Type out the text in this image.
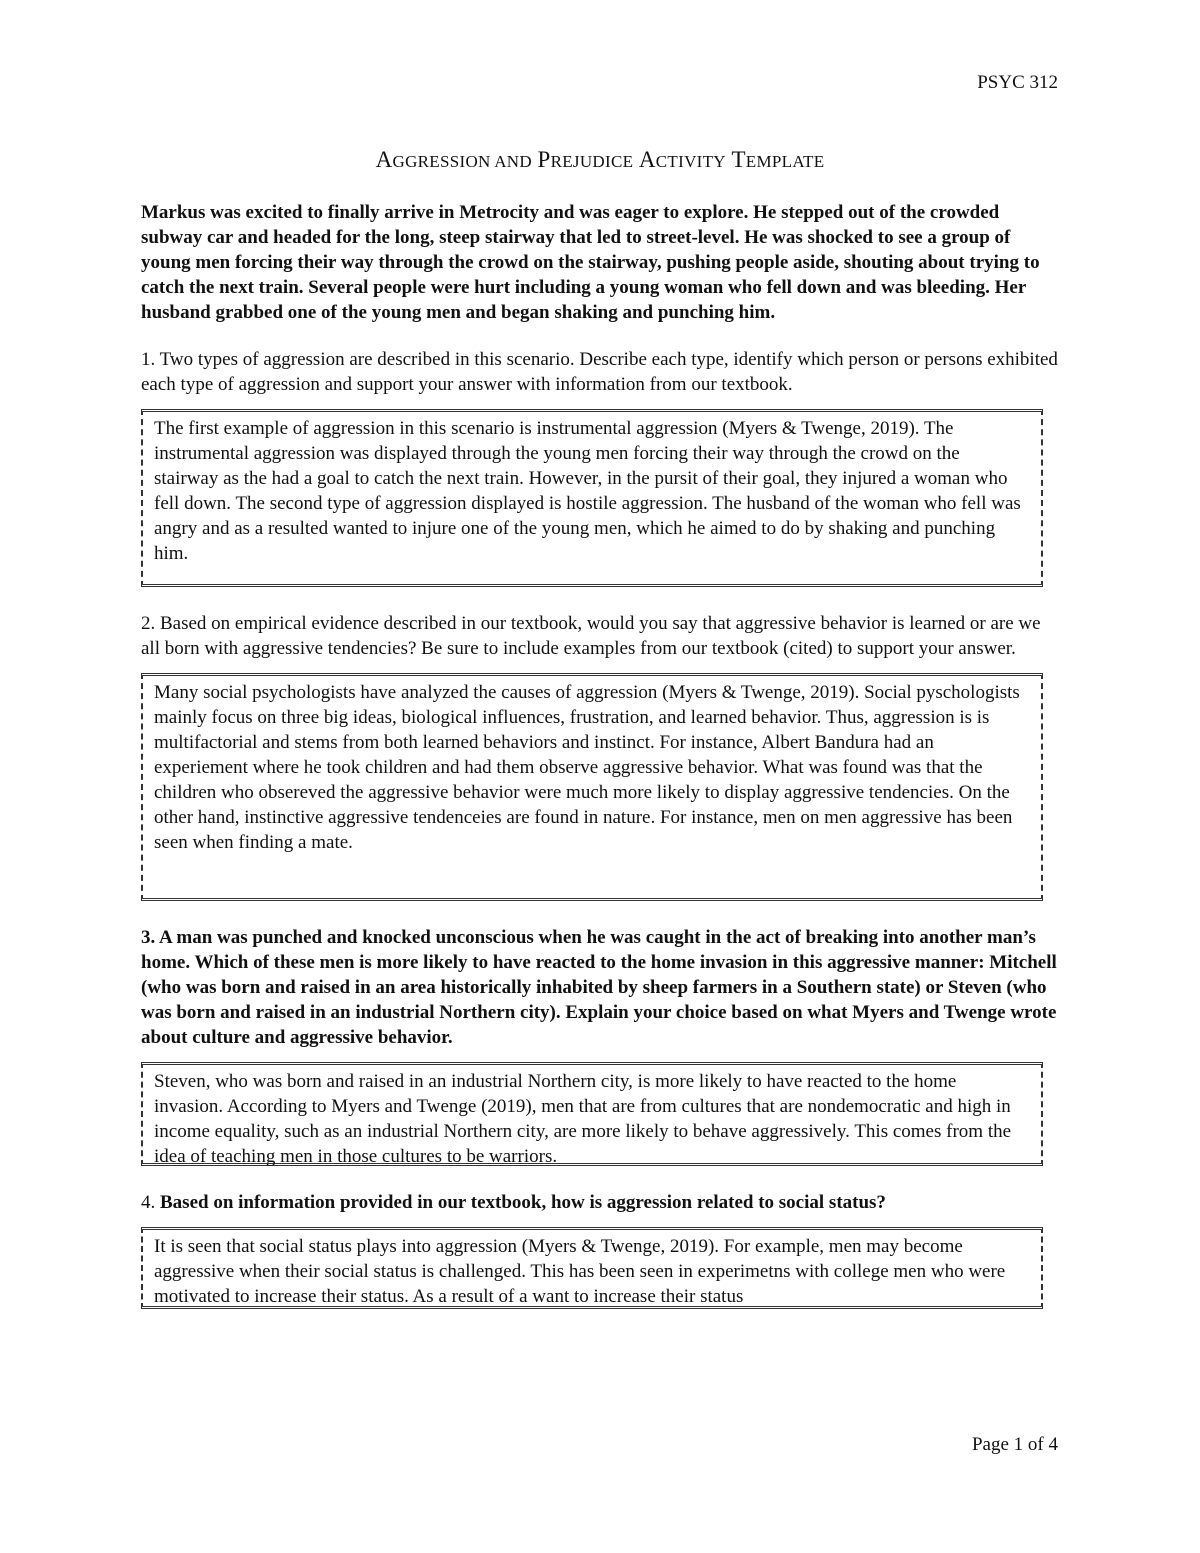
PSYC 312
AGGRESSION AND PREJUDICE ACTIVITY TEMPLATE

Markus was excited to finally arrive in Metrocity and was eager to explore. He stepped out of the crowded subway car and headed for the long, steep stairway that led to street-level. He was shocked to see a group of young men forcing their way through the crowd on the stairway, pushing people aside, shouting about trying to catch the next train. Several people were hurt including a young woman who fell down and was bleeding. Her husband grabbed one of the young men and began shaking and punching him.

1. Two types of aggression are described in this scenario. Describe each type, identify which person or persons exhibited each type of aggression and support your answer with information from our textbook.

The first example of aggression in this scenario is instrumental aggression (Myers & Twenge, 2019). The instrumental aggression was displayed through the young men forcing their way through the crowd on the stairway as the had a goal to catch the next train. However, in the pursit of their goal, they injured a woman who fell down. The second type of aggression displayed is hostile aggression. The husband of the woman who fell was angry and as a resulted wanted to injure one of the young men, which he aimed to do by shaking and punching him.

2. Based on empirical evidence described in our textbook, would you say that aggressive behavior is learned or are we all born with aggressive tendencies? Be sure to include examples from our textbook (cited) to support your answer.

Many social psychologists have analyzed the causes of aggression (Myers & Twenge, 2019). Social pyschologists mainly focus on three big ideas, biological influences, frustration, and learned behavior. Thus, aggression is is multifactorial and stems from both learned behaviors and instinct. For instance, Albert Bandura had an experiement where he took children and had them observe aggressive behavior. What was found was that the children who obsereved the aggressive behavior were much more likely to display aggressive tendencies. On the other hand, instinctive aggressive tendenceies are found in nature. For instance, men on men aggressive has been seen when finding a mate.

3. A man was punched and knocked unconscious when he was caught in the act of breaking into another man’s home. Which of these men is more likely to have reacted to the home invasion in this aggressive manner: Mitchell (who was born and raised in an area historically inhabited by sheep farmers in a Southern state) or Steven (who was born and raised in an industrial Northern city). Explain your choice based on what Myers and Twenge wrote about culture and aggressive behavior.

Steven, who was born and raised in an industrial Northern city, is more likely to have reacted to the home invasion. According to Myers and Twenge (2019), men that are from cultures that are nondemocratic and high in income equality, such as an industrial Northern city, are more likely to behave aggressively. This comes from the idea of teaching men in those cultures to be warriors.

4. Based on information provided in our textbook, how is aggression related to social status?

It is seen that social status plays into aggression (Myers & Twenge, 2019). For example, men may become aggressive when their social status is challenged. This has been seen in experimetns with college men who were motivated to increase their status. As a result of a want to increase their status
Page 1 of 4
